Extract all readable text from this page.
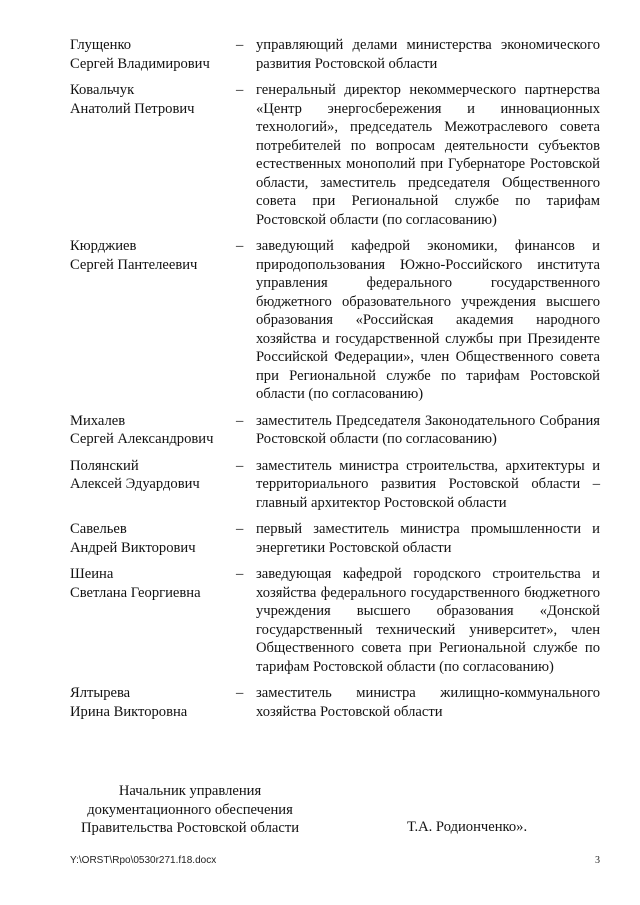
Глущенко
Сергей Владимирович
– управляющий делами министерства экономического развития Ростовской области
Ковальчук
Анатолий Петрович
– генеральный директор некоммерческого партнерства «Центр энергосбережения и инновационных технологий», председатель Межотраслевого совета потребителей по вопросам деятельности субъектов естественных монополий при Губернаторе Ростовской области, заместитель председателя Общественного совета при Региональной службе по тарифам Ростовской области (по согласованию)
Кюрджиев
Сергей Пантелеевич
– заведующий кафедрой экономики, финансов и природопользования Южно-Российского института управления федерального государственного бюджетного образовательного учреждения высшего образования «Российская академия народного хозяйства и государственной службы при Президенте Российской Федерации», член Общественного совета при Региональной службе по тарифам Ростовской области (по согласованию)
Михалев
Сергей Александрович
– заместитель Председателя Законодательного Собрания Ростовской области (по согласованию)
Полянский
Алексей Эдуардович
– заместитель министра строительства, архитектуры и территориального развития Ростовской области – главный архитектор Ростовской области
Савельев
Андрей Викторович
– первый заместитель министра промышленности и энергетики Ростовской области
Шеина
Светлана Георгиевна
– заведующая кафедрой городского строительства и хозяйства федерального государственного бюджетного учреждения высшего образования «Донской государственный технический университет», член Общественного совета при Региональной службе по тарифам Ростовской области (по согласованию)
Ялтырева
Ирина Викторовна
– заместитель министра жилищно-коммунального хозяйства Ростовской области
Начальник управления
документационного обеспечения
Правительства Ростовской области	Т.А. Родионченко».
Y:\ORST\Rpo\0530r271.f18.docx	3
